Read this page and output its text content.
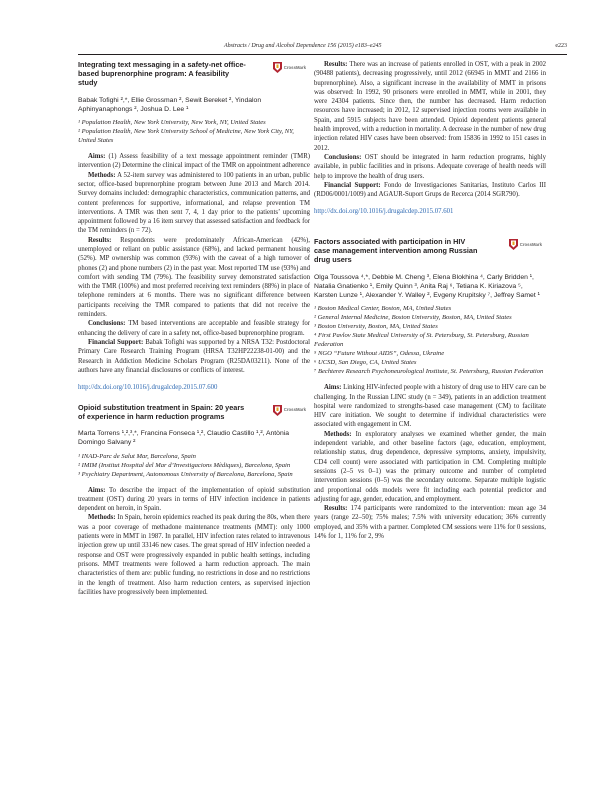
Abstracts / Drug and Alcohol Dependence 156 (2015) e183–e245	e223
Integrating text messaging in a safety-net office-based buprenorphine program: A feasibility study
CrossMark
Babak Tofighi ²,*, Ellie Grossman ², Sewit Bereket ², Yindalon Aphinyanaphongs ², Joshua D. Lee ¹
¹ Population Health, New York University, New York, NY, United States
² Population Health, New York University School of Medicine, New York City, NY, United States

Aims: (1) Assess feasibility of a text message appointment reminder (TMR) intervention (2) Determine the clinical impact of the TMR on appointment adherence

Methods: A 52-item survey was administered to 100 patients in an urban, public sector, office-based buprenorphine program between June 2013 and March 2014. Survey domains included: demographic characteristics, communication patterns, and content preferences for supportive, informational, and relapse prevention TM interventions. A TMR was then sent 7, 4, 1 day prior to the patients’ upcoming appointment followed by a 16 item survey that assessed satisfaction and feedback for the TM reminders (n = 72).

Results: Respondents were predominately African-American (42%), unemployed or reliant on public assistance (68%), and lacked permanent housing (52%). MP ownership was common (93%) with the caveat of a high turnover of phones (2) and phone numbers (2) in the past year. Most reported TM use (93%) and comfort with sending TM (79%). The feasibility survey demonstrated satisfaction with the TMR (100%) and most preferred receiving text reminders (88%) in place of telephone reminders at 6 months. There was no significant difference between participants receiving the TMR compared to patients that did not receive the reminders.

Conclusions: TM based interventions are acceptable and feasible strategy for enhancing the delivery of care in a safety net, office-based buprenorphine program.

Financial Support: Babak Tofighi was supported by a NRSA T32: Postdoctoral Primary Care Research Training Program (HRSA T32HP22238-01-00) and the Research in Addiction Medicine Scholars Program (R25DA03211). None of the authors have any financial disclosures or conflicts of interest.

http://dx.doi.org/10.1016/j.drugalcdep.2015.07.600
Opioid substitution treatment in Spain: 20 years of experience in harm reduction programs
CrossMark
Marta Torrens ¹,²,³,*, Francina Fonseca ¹,², Claudio Castillo ¹,², Antònia Domingo Salvany ²
¹ INAD-Parc de Salut Mar, Barcelona, Spain
² IMIM (Institut Hospital del Mar d’Investigacions Mèdiques), Barcelona, Spain
³ Psychiatry Department, Autonomous University of Barcelona, Barcelona, Spain

Aims: To describe the impact of the implementation of opioid substitution treatment (OST) during 20 years in terms of HIV infection incidence in patients dependent on heroin, in Spain.

Methods: In Spain, heroin epidemics reached its peak during the 80s, when there was a poor coverage of methadone maintenance treatments (MMT): only 1000 patients were in MMT in 1987. In parallel, HIV infection rates related to intravenous injection grew up until 33146 new cases. The great spread of HIV infection needed a response and OST were progressively expanded in public health settings, including prisons. MMT treatments were followed a harm reduction approach. The main characteristics of them are: public funding, no restrictions in dose and no restrictions in the length of treatment. Also harm reduction centers, as supervised injection facilities have progressively been implemented.

Results: There was an increase of patients enrolled in OST, with a peak in 2002 (90488 patients), decreasing progressively, until 2012 (66945 in MMT and 2166 in buprenorphine). Also, a significant increase in the availability of MMT in prisons was observed: In 1992, 90 prisoners were enrolled in MMT, while in 2001, they were 24304 patients. Since then, the number has decreased. Harm reduction resources have increased; in 2012, 12 supervised injection rooms were available in Spain, and 5915 subjects have been attended. Opioid dependent patients general health improved, with a reduction in mortality. A decrease in the number of new drug injection related HIV cases have been observed: from 15836 in 1992 to 151 cases in 2012.

Conclusions: OST should be integrated in harm reduction programs, highly available, in public facilities and in prisons. Adequate coverage of health needs will help to improve the health of drug users.

Financial Support: Fondo de Investigaciones Sanitarias, Instituto Carlos III (RD06/0001/1009) and AGAUR-Suport Grups de Recerca (2014 SGR790).

http://dx.doi.org/10.1016/j.drugalcdep.2015.07.601
Factors associated with participation in HIV case management intervention among Russian drug users
CrossMark
Olga Toussova ⁴,*, Debbie M. Cheng ³, Elena Blokhina ⁴, Carly Bridden ¹, Natalia Gnatienko ¹, Emily Quinn ³, Anita Raj ⁶, Tetiana K. Kiriazova ⁵, Karsten Lunze ¹, Alexander Y. Walley ², Evgeny Krupitsky ⁷, Jeffrey Samet ¹
¹ Boston Medical Center, Boston, MA, United States
² General Internal Medicine, Boston University, Boston, MA, United States
³ Boston University, Boston, MA, United States
⁴ First Pavlov State Medical University of St. Petersburg, St. Petersburg, Russian Federation
⁵ NGO “Future Without AIDS”, Odessa, Ukraine
⁶ UCSD, San Diego, CA, United States
⁷ Bechterev Research Psychoneurological Institute, St. Petersburg, Russian Federation

Aims: Linking HIV-infected people with a history of drug use to HIV care can be challenging. In the Russian LINC study (n = 349), patients in an addiction treatment hospital were randomized to strengths-based case management (CM) to facilitate HIV care initiation. We sought to determine if individual characteristics were associated with engagement in CM.

Methods: In exploratory analyses we examined whether gender, the main independent variable, and other baseline factors (age, education, employment, relationship status, drug dependence, depressive symptoms, anxiety, impulsivity, CD4 cell count) were associated with participation in CM. Completing multiple sessions (2–5 vs 0–1) was the primary outcome and number of completed intervention sessions (0–5) was the secondary outcome. Separate multiple logistic and proportional odds models were fit including each potential predictor and adjusting for age, gender, education, and employment.

Results: 174 participants were randomized to the intervention: mean age 34 years (range 22–50); 75% males; 7.5% with university education; 36% currently employed, and 35% with a partner. Completed CM sessions were 11% for 0 sessions, 14% for 1, 11% for 2, 9%
